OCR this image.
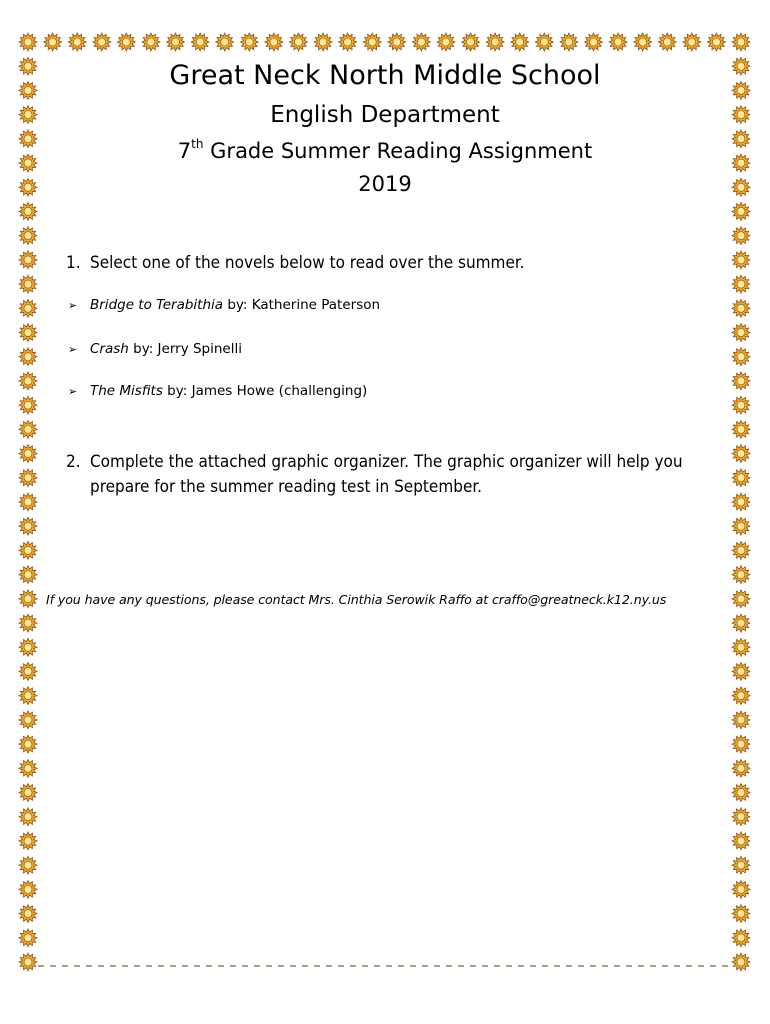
Great Neck North Middle School
English Department
7th Grade Summer Reading Assignment
2019
1. Select one of the novels below to read over the summer.
➢ Bridge to Terabithia by: Katherine Paterson
➢ Crash by: Jerry Spinelli
➢ The Misfits by: James Howe (challenging)
2. Complete the attached graphic organizer. The graphic organizer will help you prepare for the summer reading test in September.
If you have any questions, please contact Mrs. Cinthia Serowik Raffo at craffo@greatneck.k12.ny.us
